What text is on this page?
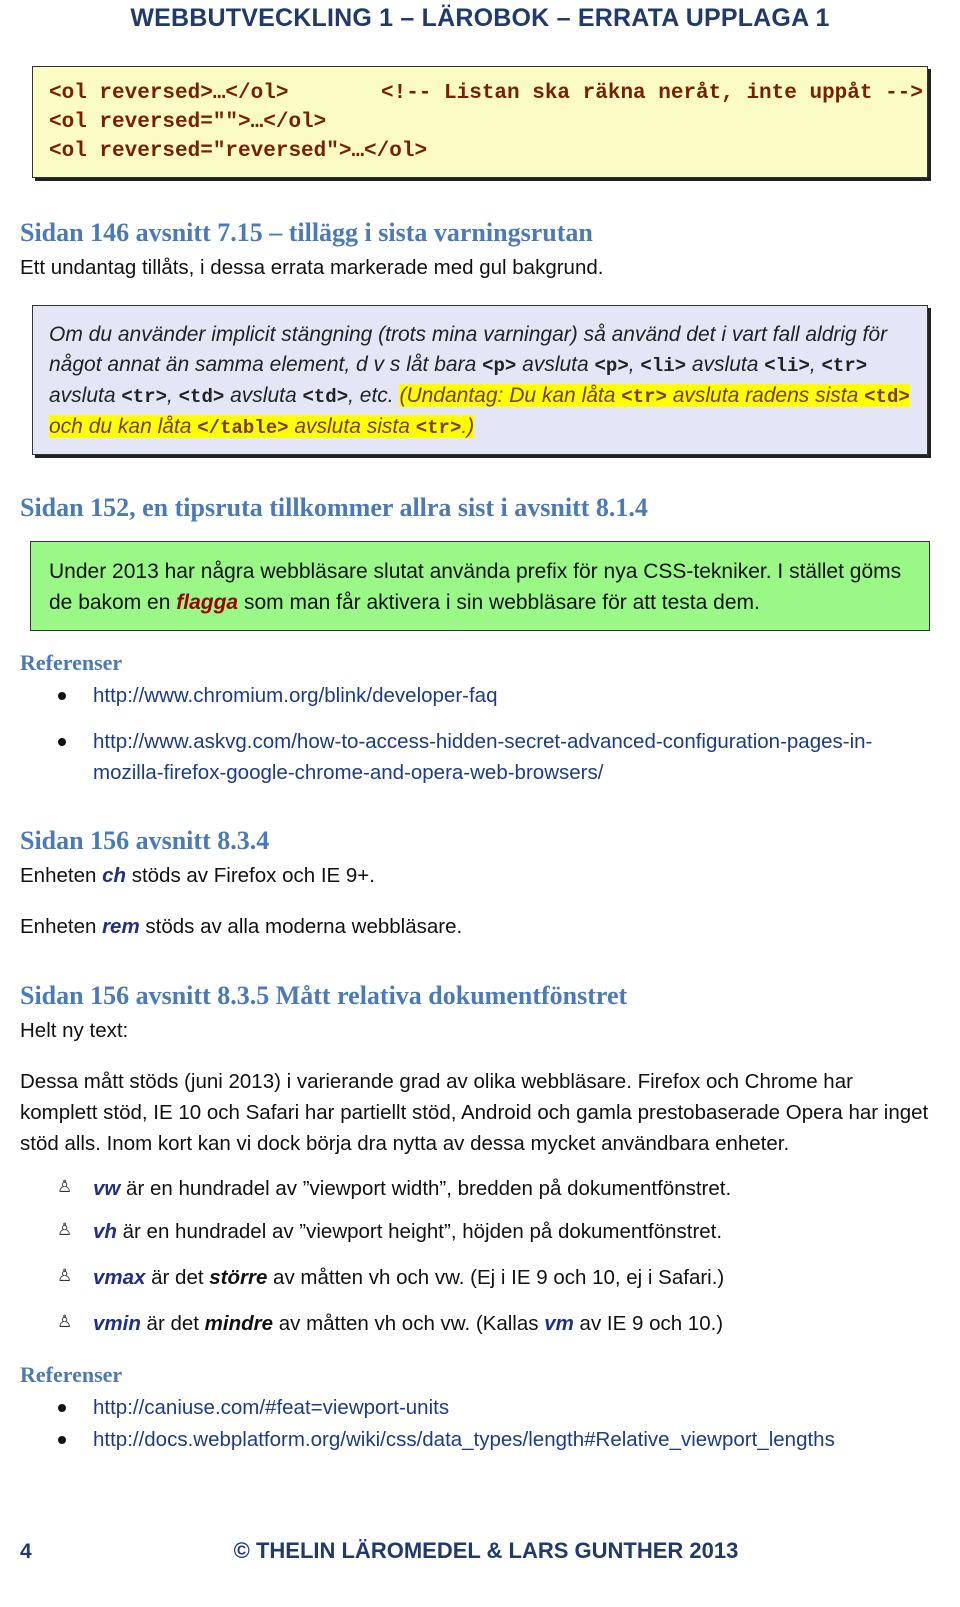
WEBBUTVECKLING 1 – LÄROBOK – ERRATA UPPLAGA 1
<ol reversed>…</ol>	<!-- Listan ska räkna neråt, inte uppåt -->
<ol reversed="">…</ol>
<ol reversed="reversed">…</ol>
Sidan 146 avsnitt 7.15 – tillägg i sista varningsrutan
Ett undantag tillåts, i dessa errata markerade med gul bakgrund.
Om du använder implicit stängning (trots mina varningar) så använd det i vart fall aldrig för något annat än samma element, d v s låt bara <p> avsluta <p>, <li> avsluta <li>, <tr> avsluta <tr>, <td> avsluta <td>, etc. (Undantag: Du kan låta <tr> avsluta radens sista <td> och du kan låta </table> avsluta sista <tr>.)
Sidan 152, en tipsruta tillkommer allra sist i avsnitt 8.1.4
Under 2013 har några webbläsare slutat använda prefix för nya CSS-tekniker. I stället göms de bakom en flagga som man får aktivera i sin webbläsare för att testa dem.
Referenser
http://www.chromium.org/blink/developer-faq
http://www.askvg.com/how-to-access-hidden-secret-advanced-configuration-pages-in-
mozilla-firefox-google-chrome-and-opera-web-browsers/
Sidan 156 avsnitt 8.3.4
Enheten ch stöds av Firefox och IE 9+.
Enheten rem stöds av alla moderna webbläsare.
Sidan 156 avsnitt 8.3.5 Mått relativa dokumentfönstret
Helt ny text:
Dessa mått stöds (juni 2013) i varierande grad av olika webbläsare. Firefox och Chrome har komplett stöd, IE 10 och Safari har partiellt stöd, Android och gamla prestobaserade Opera har inget stöd alls. Inom kort kan vi dock börja dra nytta av dessa mycket användbara enheter.
♙ vw är en hundradel av ”viewport width”, bredden på dokumentfönstret.
♙ vh är en hundradel av ”viewport height”, höjden på dokumentfönstret.
♙ vmax är det större av måtten vh och vw. (Ej i IE 9 och 10, ej i Safari.)
♙ vmin är det mindre av måtten vh och vw. (Kallas vm av IE 9 och 10.)
Referenser
http://caniuse.com/#feat=viewport-units
http://docs.webplatform.org/wiki/css/data_types/length#Relative_viewport_lengths
© THELIN LÄROMEDEL & LARS GUNTHER 2013
4
